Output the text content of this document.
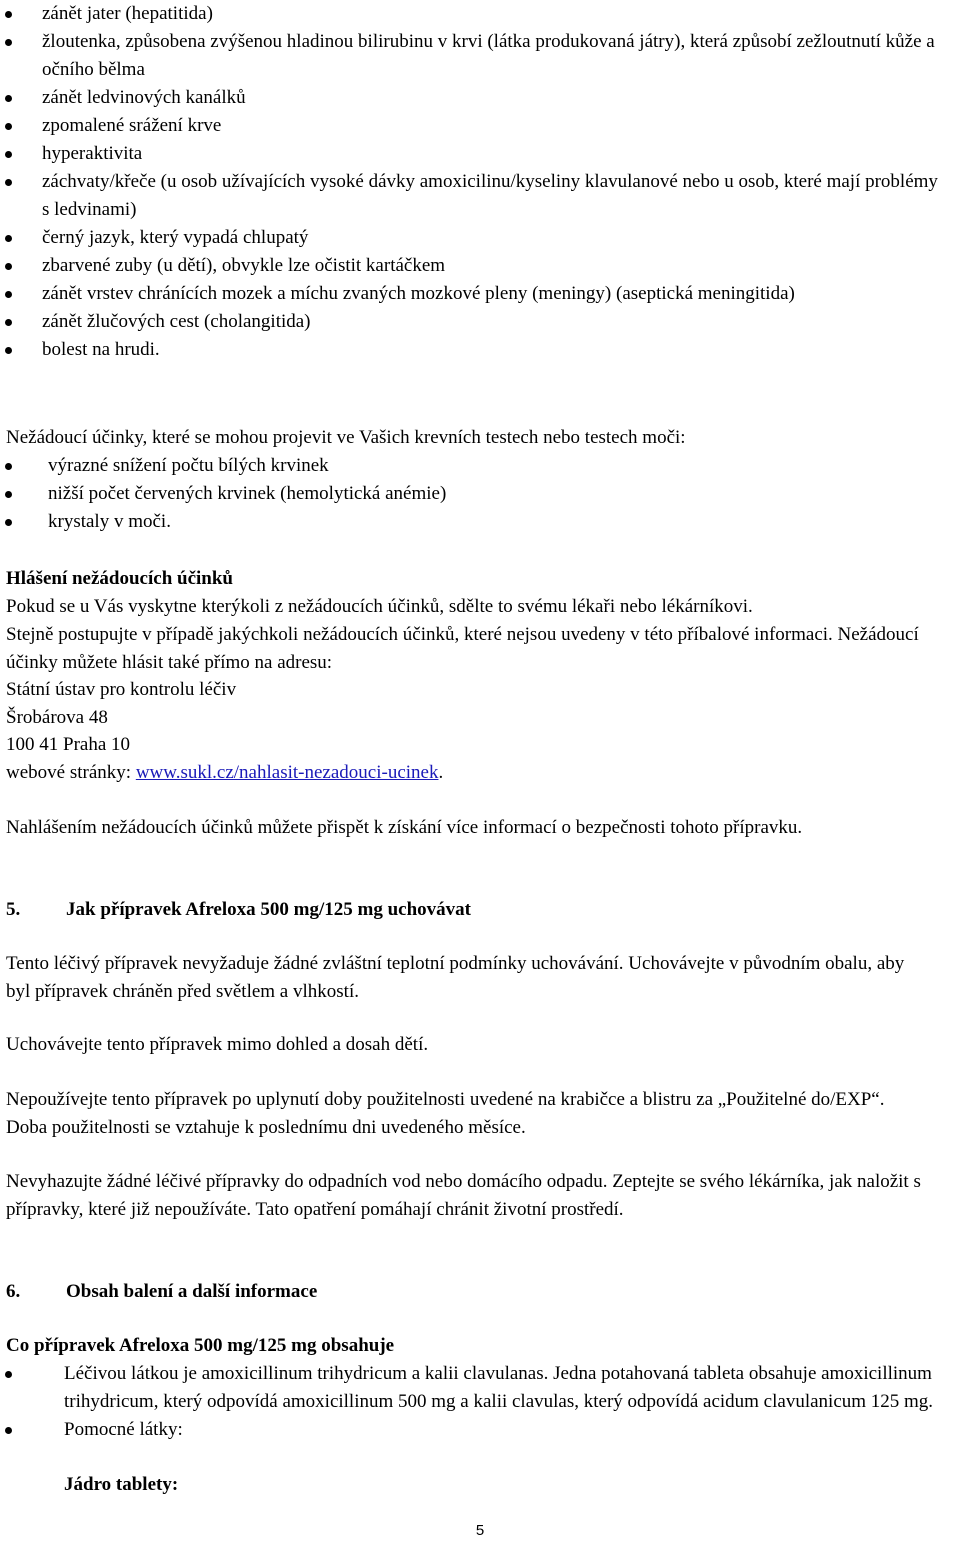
zánět jater (hepatitida)
žloutenka, způsobena zvýšenou hladinou bilirubinu v krvi (látka produkovaná játry), která způsobí zežloutnutí kůže a očního bělma
zánět ledvinových kanálků
zpomalené srážení krve
hyperaktivita
záchvaty/křeče (u osob užívajících vysoké dávky amoxicilinu/kyseliny klavulanové nebo u osob, které mají problémy s ledvinami)
černý jazyk, který vypadá chlupatý
zbarvené zuby (u dětí), obvykle lze očistit kartáčkem
zánět vrstev chránících mozek a míchu zvaných mozkové pleny (meningy) (aseptická meningitida)
zánět žlučových cest (cholangitida)
bolest na hrudi.

Nežádoucí účinky, které se mohou projevit ve Vašich krevních testech nebo testech moči:

výrazné snížení počtu bílých krvinek
nižší počet červených krvinek (hemolytická anémie)
krystaly v moči.

Hlášení nežádoucích účinků

Pokud se u Vás vyskytne kterýkoli z nežádoucích účinků, sdělte to svému lékaři nebo lékárníkovi.

Stejně postupujte v případě jakýchkoli nežádoucích účinků, které nejsou uvedeny v této příbalové informaci. Nežádoucí účinky můžete hlásit také přímo na adresu:

Státní ústav pro kontrolu léčiv

Šrobárova 48

100 41 Praha 10

webové stránky: www.sukl.cz/nahlasit-nezadouci-ucinek.

Nahlášením nežádoucích účinků můžete přispět k získání více informací o bezpečnosti tohoto přípravku.

5.	Jak přípravek Afreloxa 500 mg/125 mg uchovávat

Tento léčivý přípravek nevyžaduje žádné zvláštní teplotní podmínky uchovávání. Uchovávejte v původním obalu, aby byl přípravek chráněn před světlem a vlhkostí.

Uchovávejte tento přípravek mimo dohled a dosah dětí.

Nepoužívejte tento přípravek po uplynutí doby použitelnosti uvedené na krabičce a blistru za „Použitelné do/EXP“. Doba použitelnosti se vztahuje k poslednímu dni uvedeného měsíce.

Nevyhazujte žádné léčivé přípravky do odpadních vod nebo domácího odpadu. Zeptejte se svého lékárníka, jak naložit s přípravky, které již nepoužíváte. Tato opatření pomáhají chránit životní prostředí.

6.	Obsah balení a další informace

Co přípravek Afreloxa 500 mg/125 mg obsahuje

Léčivou látkou je amoxicillinum trihydricum a kalii clavulanas. Jedna potahovaná tableta obsahuje amoxicillinum trihydricum, který odpovídá amoxicillinum 500 mg a kalii clavulas, který odpovídá acidum clavulanicum 125 mg.
Pomocné látky:

Jádro tablety:

5
